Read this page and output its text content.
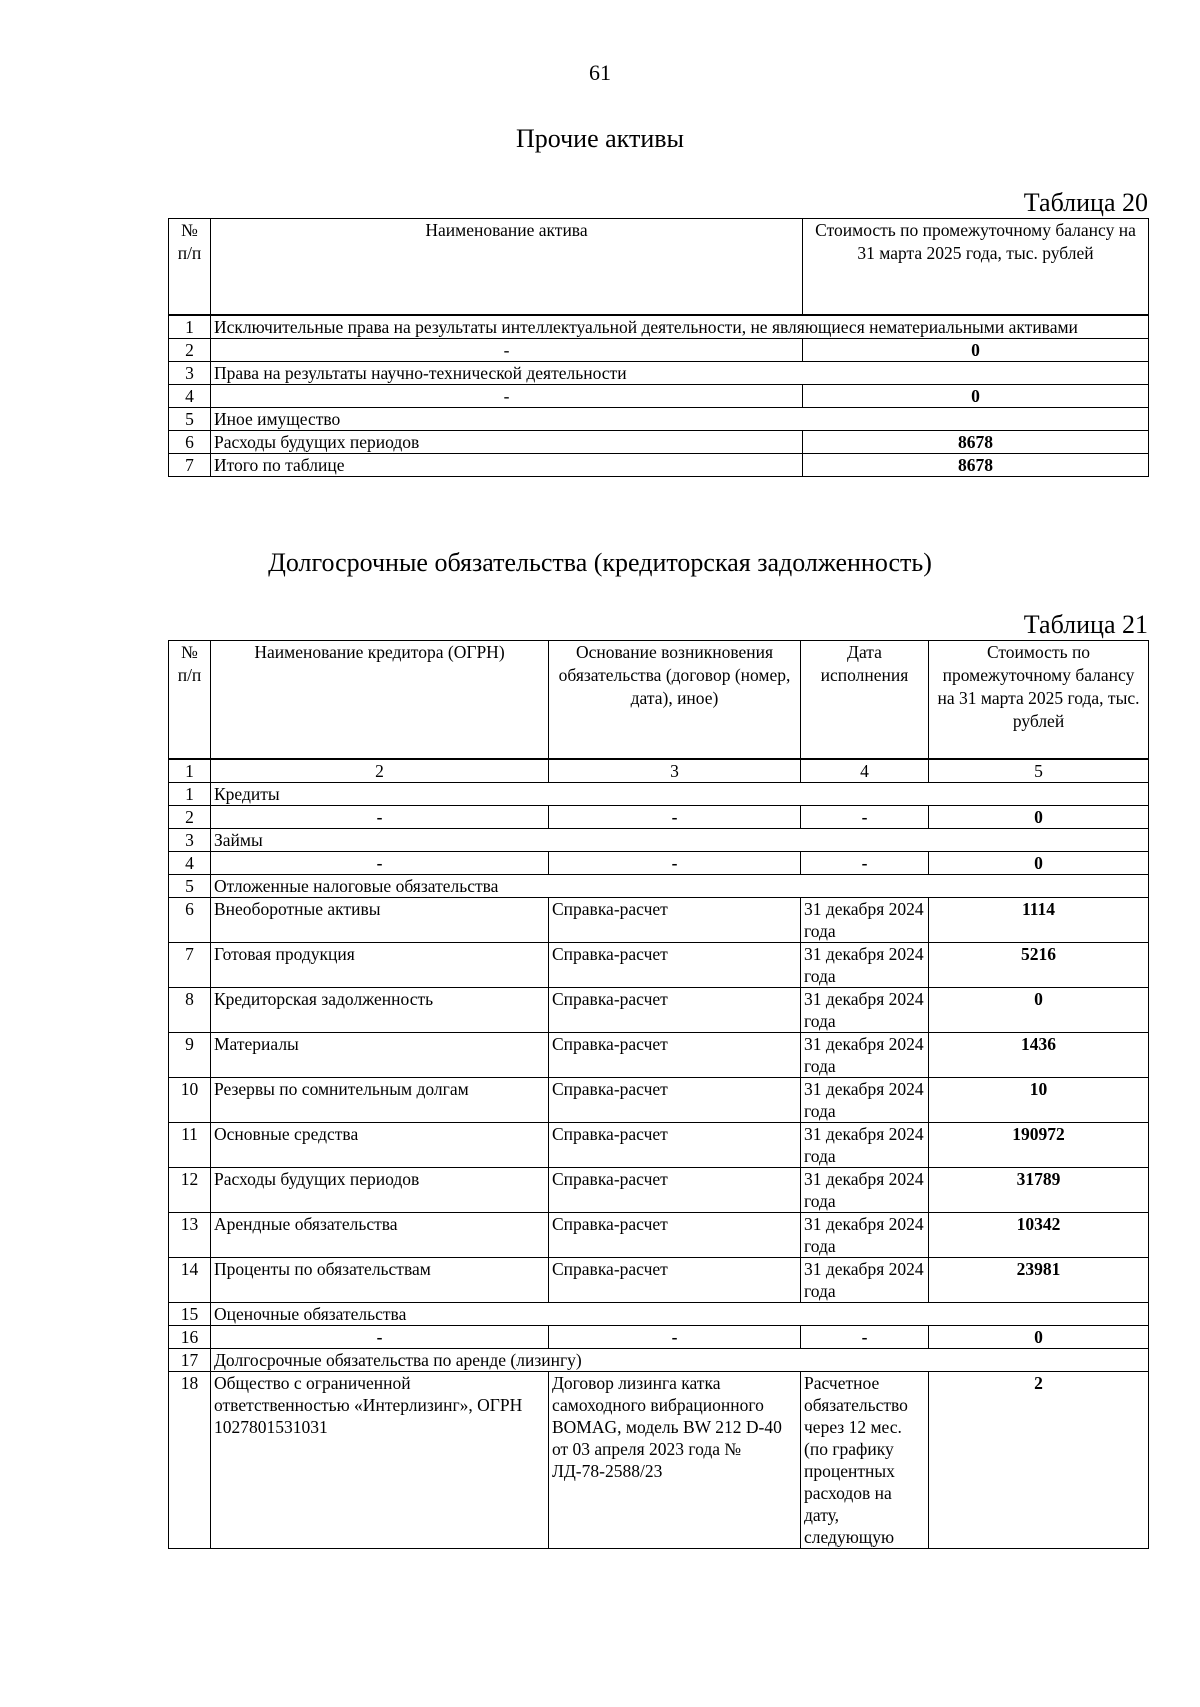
61
Прочие активы
Таблица 20
№ п/п	Наименование актива	Стоимость по промежуточному балансу на 31 марта 2025 года, тыс. рублей

1	Исключительные права на результаты интеллектуальной деятельности, не являющиеся нематериальными активами	
2	-	0
3	Права на результаты научно-технической деятельности	
4	-	0
5	Иное имущество	
6	Расходы будущих периодов	8678
7	Итого по таблице	8678
Долгосрочные обязательства (кредиторская задолженность)
Таблица 21
№ п/п	Наименование кредитора (ОГРН)	Основание возникновения обязательства (договор (номер, дата), иное)	Дата исполнения	Стоимость по промежуточному балансу на 31 марта 2025 года, тыс. рублей

1	2	3	4	5
1	Кредиты			
2	-	-	-	0
3	Займы			
4	-	-	-	0
5	Отложенные налоговые обязательства			
6	Внеоборотные активы	Справка-расчет	31 декабря 2024 года	1114
7	Готовая продукция	Справка-расчет	31 декабря 2024 года	5216
8	Кредиторская задолженность	Справка-расчет	31 декабря 2024 года	0
9	Материалы	Справка-расчет	31 декабря 2024 года	1436
10	Резервы по сомнительным долгам	Справка-расчет	31 декабря 2024 года	10
11	Основные средства	Справка-расчет	31 декабря 2024 года	190972
12	Расходы будущих периодов	Справка-расчет	31 декабря 2024 года	31789
13	Арендные обязательства	Справка-расчет	31 декабря 2024 года	10342
14	Проценты по обязательствам	Справка-расчет	31 декабря 2024 года	23981
15	Оценочные обязательства			
16	-	-	-	0
17	Долгосрочные обязательства по аренде (лизингу)			
18	Общество с ограниченной ответственностью «Интерлизинг», ОГРН 1027801531031	Договор лизинга катка самоходного вибрационного BOMAG, модель BW 212 D-40 от 03 апреля 2023 года № ЛД-78-2588/23	Расчетное обязательство через 12 мес. (по графику процентных расходов на дату, следующую	2
